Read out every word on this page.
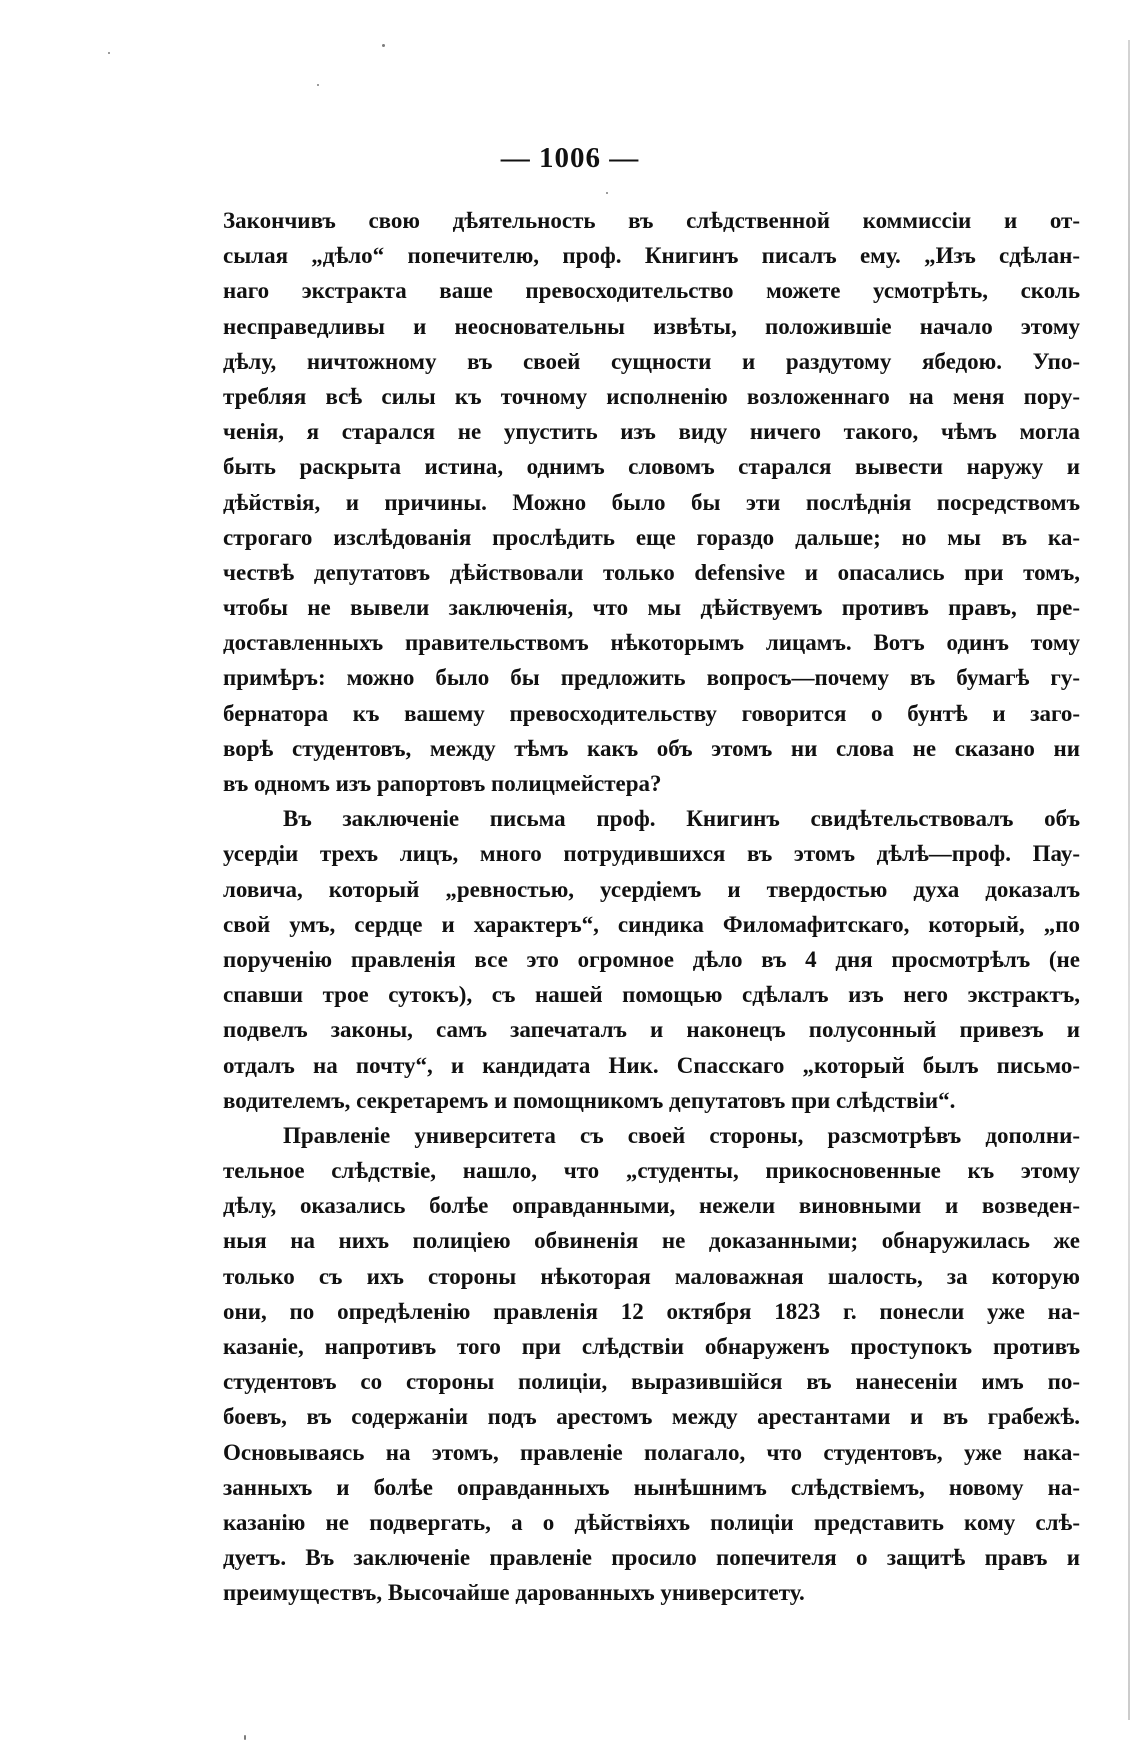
— 1006 —
Закончивъ свою дѣятельность въ слѣдственной коммиссіи и от-
сылая „дѣло“ попечителю, проф. Книгинъ писалъ ему. „Изъ сдѣлан-
наго экстракта ваше превосходительство можете усмотрѣть, сколь
несправедливы и неосновательны извѣты, положившіе начало этому
дѣлу, ничтожному въ своей сущности и раздутому ябедою. Упо-
требляя всѣ силы къ точному исполненію возложеннаго на меня пору-
ченія, я старался не упустить изъ виду ничего такого, чѣмъ могла
быть раскрыта истина, однимъ словомъ старался вывести наружу и
дѣйствія, и причины. Можно было бы эти послѣднія посредствомъ
строгаго изслѣдованія прослѣдить еще гораздо дальше; но мы въ ка-
чествѣ депутатовъ дѣйствовали только defensive и опасались при томъ,
чтобы не вывели заключенія, что мы дѣйствуемъ противъ правъ, пре-
доставленныхъ правительствомъ нѣкоторымъ лицамъ. Вотъ одинъ тому
примѣръ: можно было бы предложить вопросъ—почему въ бумагѣ гу-
бернатора къ вашему превосходительству говорится о бунтѣ и заго-
ворѣ студентовъ, между тѣмъ какъ объ этомъ ни слова не сказано ни
въ одномъ изъ рапортовъ полицмейстера?
Въ заключеніе письма проф. Книгинъ свидѣтельствовалъ объ
усердіи трехъ лицъ, много потрудившихся въ этомъ дѣлѣ—проф. Пау-
ловича, который „ревностью, усердіемъ и твердостью духа доказалъ
свой умъ, сердце и характеръ“, синдика Филомафитскаго, который, „по
порученію правленія все это огромное дѣло въ 4 дня просмотрѣлъ (не
спавши трое сутокъ), съ нашей помощью сдѣлалъ изъ него экстрактъ,
подвелъ законы, самъ запечаталъ и наконецъ полусонный привезъ и
отдалъ на почту“, и кандидата Ник. Спасскаго „который былъ письмо-
водителемъ, секретаремъ и помощникомъ депутатовъ при слѣдствіи“.
Правленіе университета съ своей стороны, разсмотрѣвъ дополни-
тельное слѣдствіе, нашло, что „студенты, прикосновенные къ этому
дѣлу, оказались болѣе оправданными, нежели виновными и возведен-
ныя на нихъ полиціею обвиненія не доказанными; обнаружилась же
только съ ихъ стороны нѣкоторая маловажная шалость, за которую
они, по опредѣленію правленія 12 октября 1823 г. понесли уже на-
казаніе, напротивъ того при слѣдствіи обнаруженъ проступокъ противъ
студентовъ со стороны полиціи, выразившійся въ нанесеніи имъ по-
боевъ, въ содержаніи подъ арестомъ между арестантами и въ грабежѣ.
Основываясь на этомъ, правленіе полагало, что студентовъ, уже нака-
занныхъ и болѣе оправданныхъ нынѣшнимъ слѣдствіемъ, новому на-
казанію не подвергать, а о дѣйствіяхъ полиціи представить кому слѣ-
дуетъ. Въ заключеніе правленіе просило попечителя о защитѣ правъ и
преимуществъ, Высочайше дарованныхъ университету.
